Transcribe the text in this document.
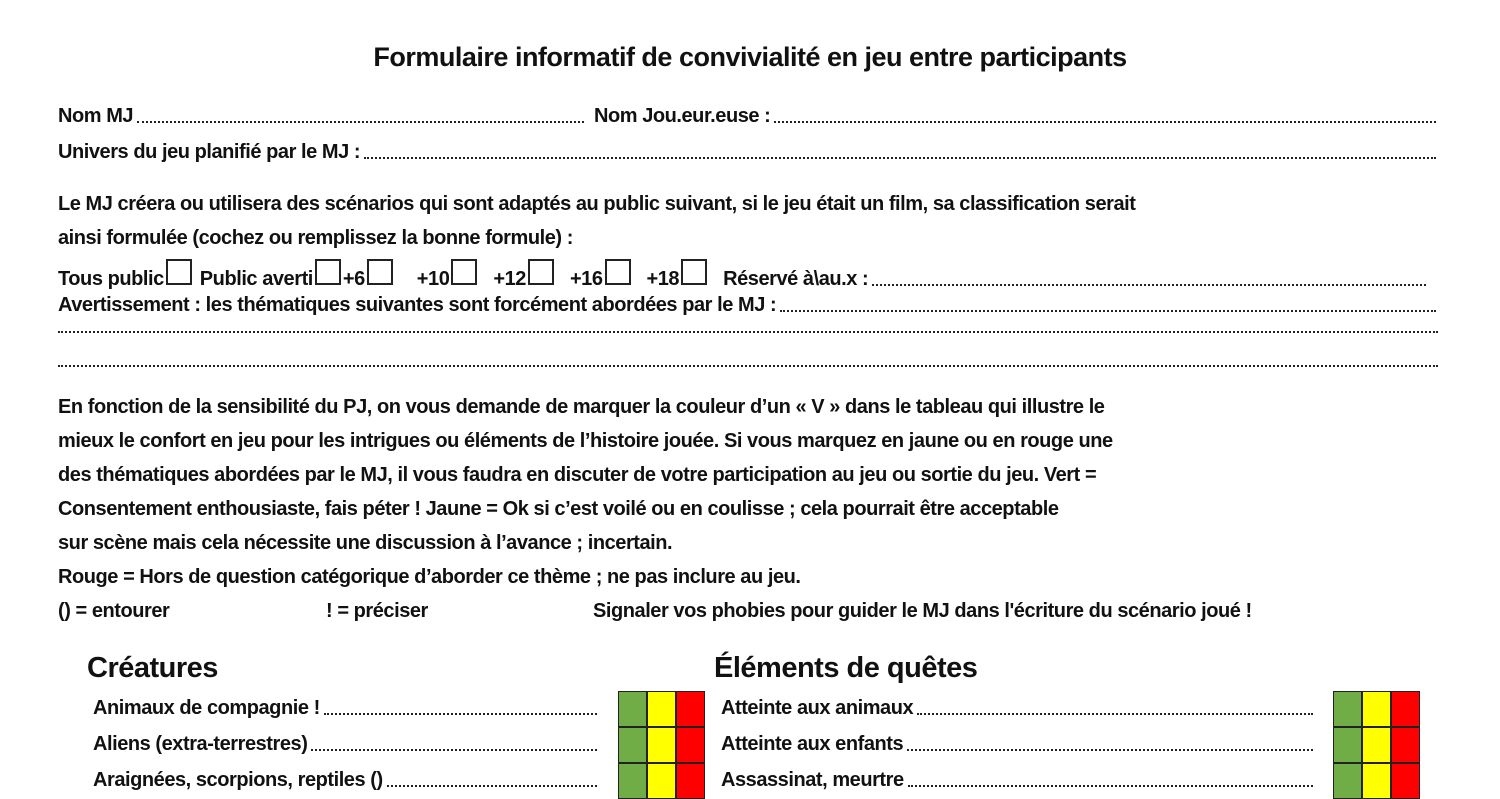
Formulaire informatif de convivialité en jeu entre participants
Nom MJ	Nom Jou.eur.euse :
Univers du jeu planifié par le MJ :
Le MJ créera ou utilisera des scénarios qui sont adaptés au public suivant, si le jeu était un film, sa classification serait
ainsi formulée (cochez ou remplissez la bonne formule) :
Tous public Public averti +6	+10 +12 +16 +18 Réservé à\au.x :
Avertissement : les thématiques suivantes sont forcément abordées par le MJ :
En fonction de la sensibilité du PJ, on vous demande de marquer la couleur d’un « V » dans le tableau qui illustre le
mieux le confort en jeu pour les intrigues ou éléments de l’histoire jouée. Si vous marquez en jaune ou en rouge une
des thématiques abordées par le MJ, il vous faudra en discuter de votre participation au jeu ou sortie du jeu. Vert =
Consentement enthousiaste, fais péter ! Jaune = Ok si c’est voilé ou en coulisse ; cela pourrait être acceptable
sur scène mais cela nécessite une discussion à l’avance ; incertain.
Rouge = Hors de question catégorique d’aborder ce thème ; ne pas inclure au jeu.
() = entourer	! = préciser	Signaler vos phobies pour guider le MJ dans l'écriture du scénario joué !
Créatures	Éléments de quêtes
Animaux de compagnie !
Aliens (extra-terrestres)
Araignées, scorpions, reptiles ()
Atteinte aux animaux
Atteinte aux enfants
Assassinat, meurtre
